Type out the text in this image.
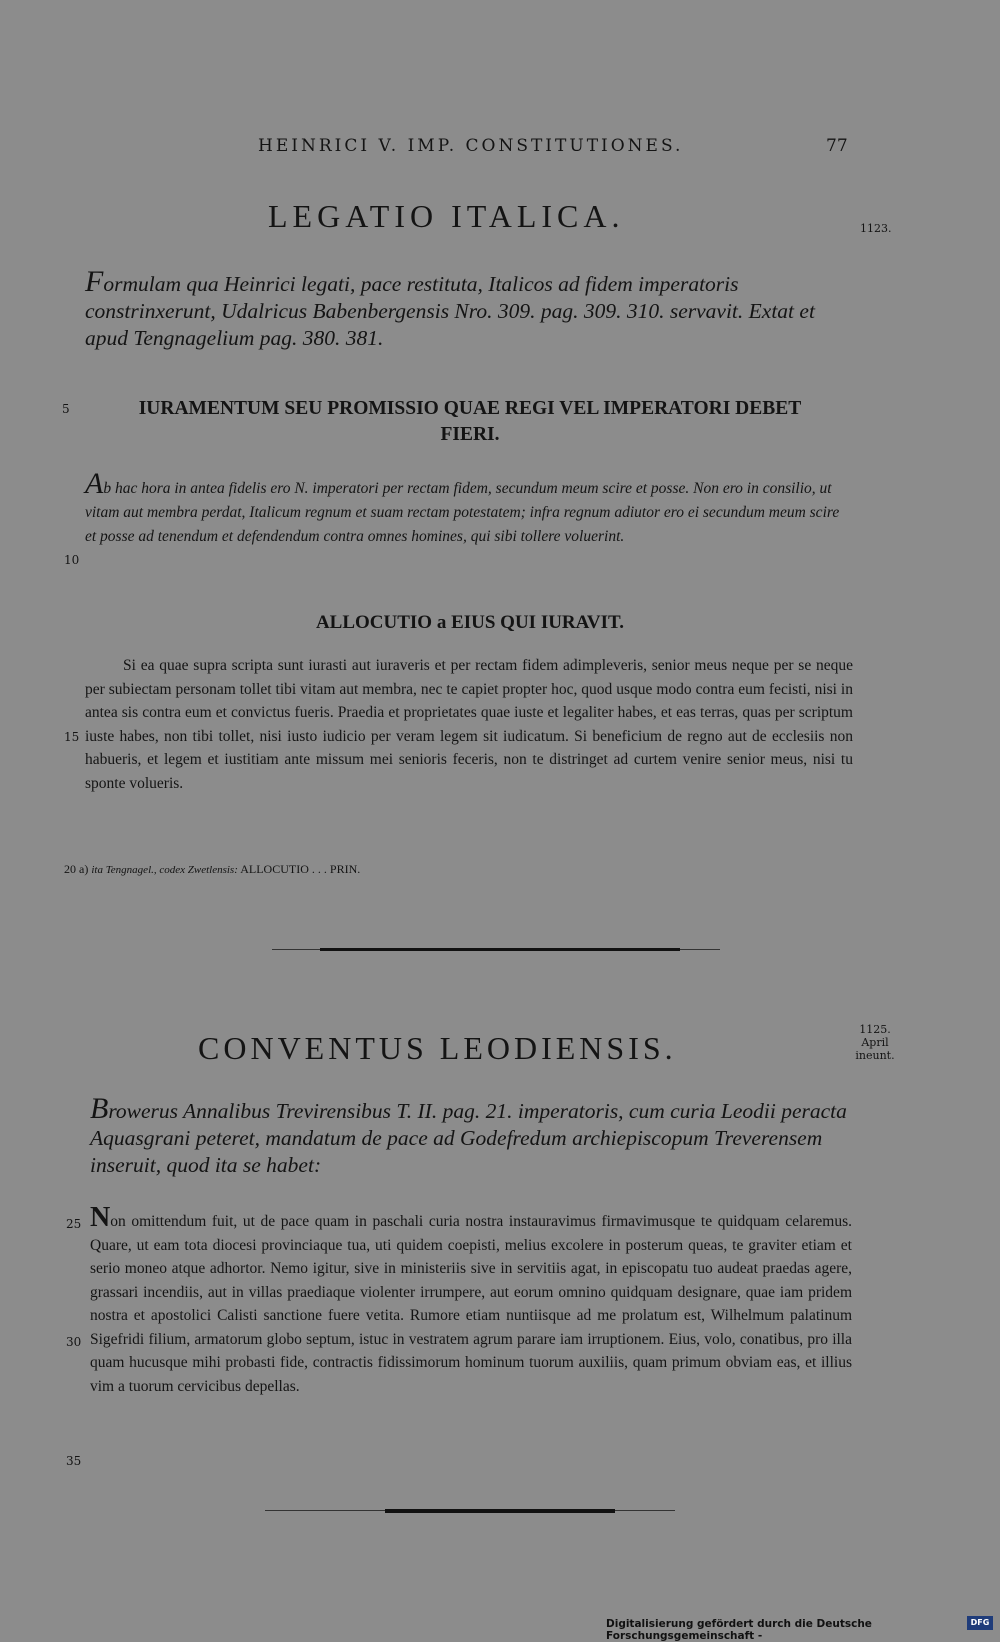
HEINRICI V. IMP. CONSTITUTIONES.	77
LEGATIO ITALICA.	1123.
Formulam qua Heinrici legati, pace restituta, Italicos ad fidem imperatoris constrinxerunt, Udalricus Babenbergensis Nro. 309. pag. 309. 310. servavit. Extat et apud Tengnagelium pag. 380. 381.
5	IURAMENTUM SEU PROMISSIO QUAE REGI VEL IMPERATORI DEBET FIERI.
Ab hac hora in antea fidelis ero N. imperatori per rectam fidem, secundum meum scire et posse. Non ero in consilio, ut vitam aut membra perdat, Italicum regnum et suam rectam potestatem; infra regnum adiutor ero ei secundum meum scire et posse ad tenendum et defendendum contra omnes homines, qui sibi tollere voluerint.
10
ALLOCUTIO a EIUS QUI IURAVIT.

Si ea quae supra scripta sunt iurasti aut iuraveris et per rectam fidem adimpleveris, senior meus neque per se neque per subiectam personam tollet tibi vitam aut membra, nec te capiet propter hoc, quod usque modo contra eum fecisti, nisi in antea sis contra eum et convictus fueris. Praedia et proprietates quae iuste et legaliter habes, et eas terras, quas per scriptum iuste habes, non tibi tollet, nisi iusto iudicio per veram legem sit iudicatum. Si beneficium de regno aut de ecclesiis non habueris, et legem et iustitiam ante missum mei senioris feceris, non te distringet ad curtem venire senior meus, nisi tu sponte volueris.

15
20 a) ita Tengnagel., codex Zwetlensis: ALLOCUTIO . . . PRIN.
CONVENTUS LEODIENSIS.
1125. April ineunt.
Browerus Annalibus Trevirensibus T. II. pag. 21. imperatoris, cum curia Leodii peracta Aquasgrani peteret, mandatum de pace ad Godefredum archiepiscopum Treverensem inseruit, quod ita se habet:

Non omittendum fuit, ut de pace quam in paschali curia nostra instauravimus firmavimusque te quidquam celaremus. Quare, ut eam tota diocesi provinciaque tua, uti quidem coepisti, melius excolere in posterum queas, te graviter etiam et serio moneo atque adhortor. Nemo igitur, sive in ministeriis sive in servitiis agat, in episcopatu tuo audeat praedas agere, grassari incendiis, aut in villas praediaque violenter irrumpere, aut eorum omnino quidquam designare, quae iam pridem nostra et apostolici Calisti sanctione fuere vetita. Rumore etiam nuntiisque ad me prolatum est, Wilhelmum palatinum Sigefridi filium, armatorum globo septum, istuc in vestratem agrum parare iam irruptionem. Eius, volo, conatibus, pro illa quam hucusque mihi probasti fide, contractis fidissimorum hominum tuorum auxiliis, quam primum obviam eas, et illius vim a tuorum cervicibus depellas.

25
30
35
Digitalisierung gefördert durch die Deutsche Forschungsgemeinschaft -
DFG
